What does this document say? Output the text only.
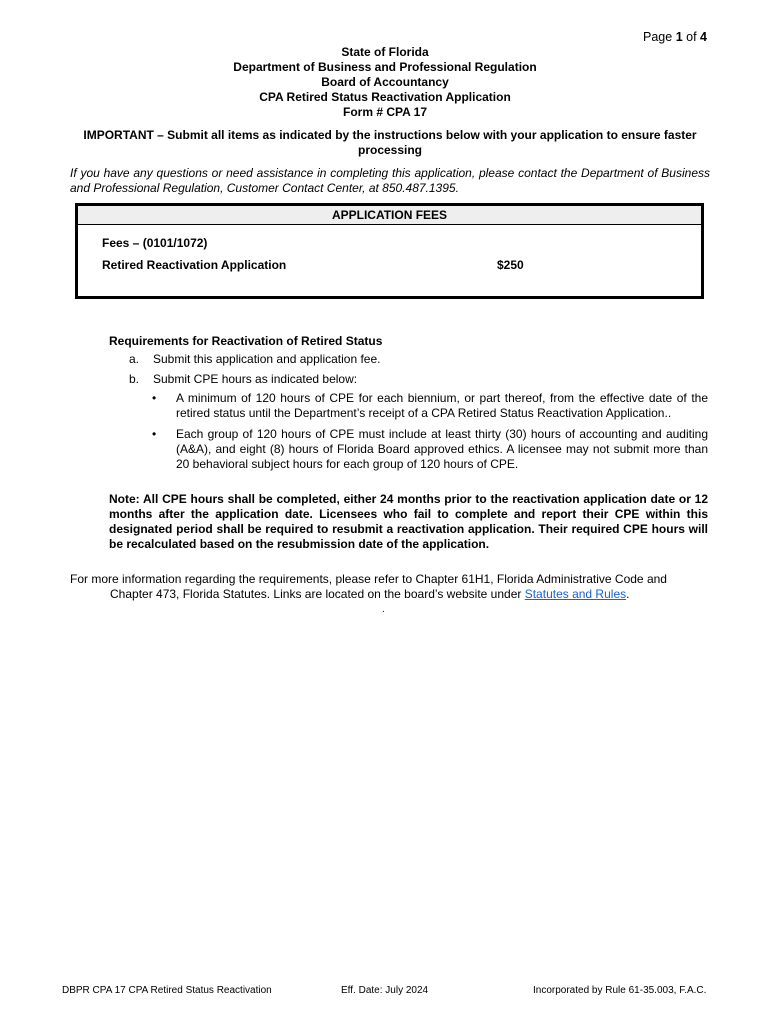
Page 1 of 4
State of Florida
Department of Business and Professional Regulation
Board of Accountancy
CPA Retired Status Reactivation Application
Form # CPA 17
IMPORTANT – Submit all items as indicated by the instructions below with your application to ensure faster processing
If you have any questions or need assistance in completing this application, please contact the Department of Business and Professional Regulation, Customer Contact Center, at 850.487.1395.
APPLICATION FEES
Fees – (0101/1072)
Retired Reactivation Application	$250
Requirements for Reactivation of Retired Status
a. Submit this application and application fee.
b. Submit CPE hours as indicated below:
• A minimum of 120 hours of CPE for each biennium, or part thereof, from the effective date of the retired status until the Department’s receipt of a CPA Retired Status Reactivation Application..
• Each group of 120 hours of CPE must include at least thirty (30) hours of accounting and auditing (A&A), and eight (8) hours of Florida Board approved ethics. A licensee may not submit more than 20 behavioral subject hours for each group of 120 hours of CPE.
Note: All CPE hours shall be completed, either 24 months prior to the reactivation application date or 12 months after the application date. Licensees who fail to complete and report their CPE within this designated period shall be required to resubmit a reactivation application. Their required CPE hours will be recalculated based on the resubmission date of the application.
For more information regarding the requirements, please refer to Chapter 61H1, Florida Administrative Code and
Chapter 473, Florida Statutes. Links are located on the board’s website under Statutes and Rules.
.
DBPR CPA 17 CPA Retired Status Reactivation	Eff. Date: July 2024	Incorporated by Rule 61-35.003, F.A.C.
